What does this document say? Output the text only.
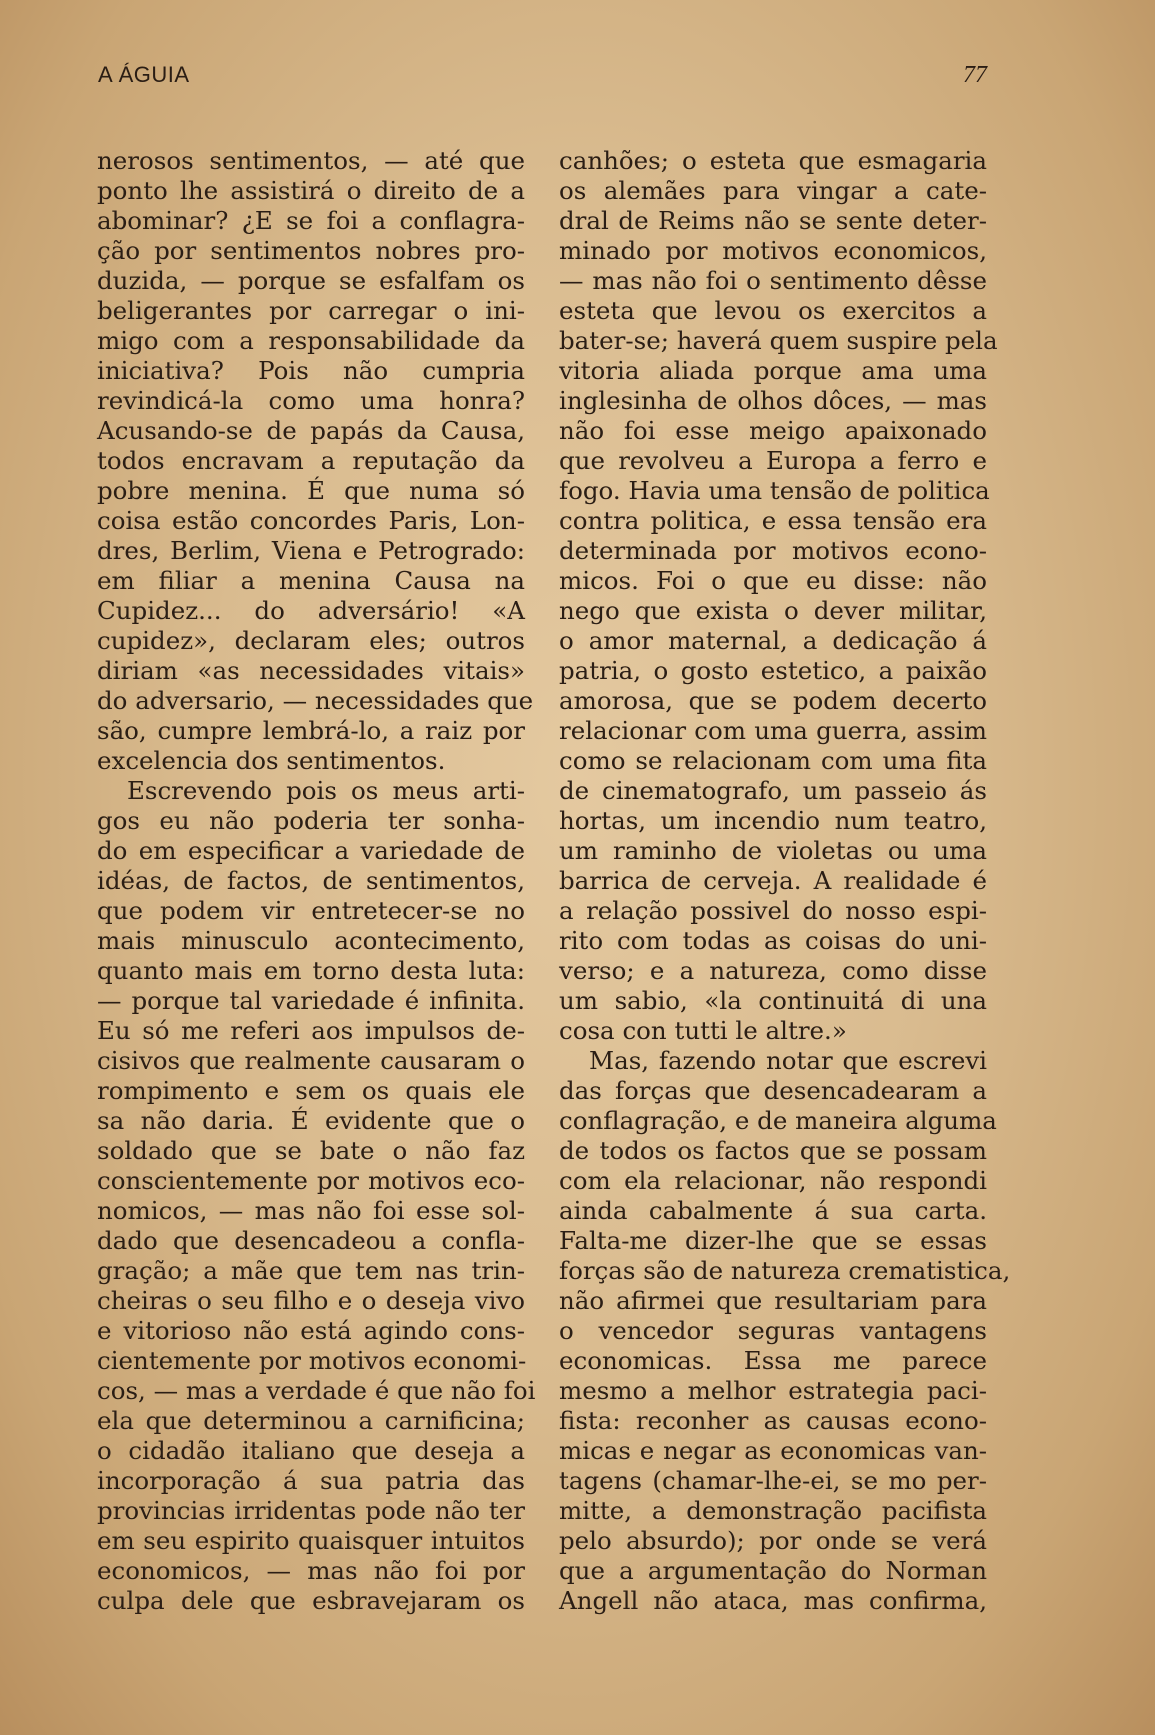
A ÁGUIA	77
nerosos sentimentos, — até que
ponto lhe assistirá o direito de a
abominar? ¿E se foi a conflagra-
ção por sentimentos nobres pro-
duzida, — porque se esfalfam os
beligerantes por carregar o ini-
migo com a responsabilidade da
iniciativa? Pois não cumpria
revindicá-la como uma honra?
Acusando-se de papás da Causa,
todos encravam a reputação da
pobre menina. É que numa só
coisa estão concordes Paris, Lon-
dres, Berlim, Viena e Petrogrado:
em filiar a menina Causa na
Cupidez... do adversário! «A
cupidez», declaram eles; outros
diriam «as necessidades vitais»
do adversario, — necessidades que
são, cumpre lembrá-lo, a raiz por
excelencia dos sentimentos.
Escrevendo pois os meus arti-
gos eu não poderia ter sonha-
do em especificar a variedade de
idéas, de factos, de sentimentos,
que podem vir entretecer-se no
mais minusculo acontecimento,
quanto mais em torno desta luta:
— porque tal variedade é infinita.
Eu só me referi aos impulsos de-
cisivos que realmente causaram o
rompimento e sem os quais ele
sa não daria. É evidente que o
soldado que se bate o não faz
conscientemente por motivos eco-
nomicos, — mas não foi esse sol-
dado que desencadeou a confla-
gração; a mãe que tem nas trin-
cheiras o seu filho e o deseja vivo
e vitorioso não está agindo cons-
cientemente por motivos economi-
cos, — mas a verdade é que não foi
ela que determinou a carnificina;
o cidadão italiano que deseja a
incorporação á sua patria das
provincias irridentas pode não ter
em seu espirito quaisquer intuitos
economicos, — mas não foi por
culpa dele que esbravejaram os
canhões; o esteta que esmagaria
os alemães para vingar a cate-
dral de Reims não se sente deter-
minado por motivos economicos,
— mas não foi o sentimento dêsse
esteta que levou os exercitos a
bater-se; haverá quem suspire pela
vitoria aliada porque ama uma
inglesinha de olhos dôces, — mas
não foi esse meigo apaixonado
que revolveu a Europa a ferro e
fogo. Havia uma tensão de politica
contra politica, e essa tensão era
determinada por motivos econo-
micos. Foi o que eu disse: não
nego que exista o dever militar,
o amor maternal, a dedicação á
patria, o gosto estetico, a paixão
amorosa, que se podem decerto
relacionar com uma guerra, assim
como se relacionam com uma fita
de cinematografo, um passeio ás
hortas, um incendio num teatro,
um raminho de violetas ou uma
barrica de cerveja. A realidade é
a relação possivel do nosso espi-
rito com todas as coisas do uni-
verso; e a natureza, como disse
um sabio, «la continuitá di una
cosa con tutti le altre.»
Mas, fazendo notar que escrevi
das forças que desencadearam a
conflagração, e de maneira alguma
de todos os factos que se possam
com ela relacionar, não respondi
ainda cabalmente á sua carta.
Falta-me dizer-lhe que se essas
forças são de natureza crematistica,
não afirmei que resultariam para
o vencedor seguras vantagens
economicas. Essa me parece
mesmo a melhor estrategia paci-
fista: reconher as causas econo-
micas e negar as economicas van-
tagens (chamar-lhe-ei, se mo per-
mitte, a demonstração pacifista
pelo absurdo); por onde se verá
que a argumentação do Norman
Angell não ataca, mas confirma,
